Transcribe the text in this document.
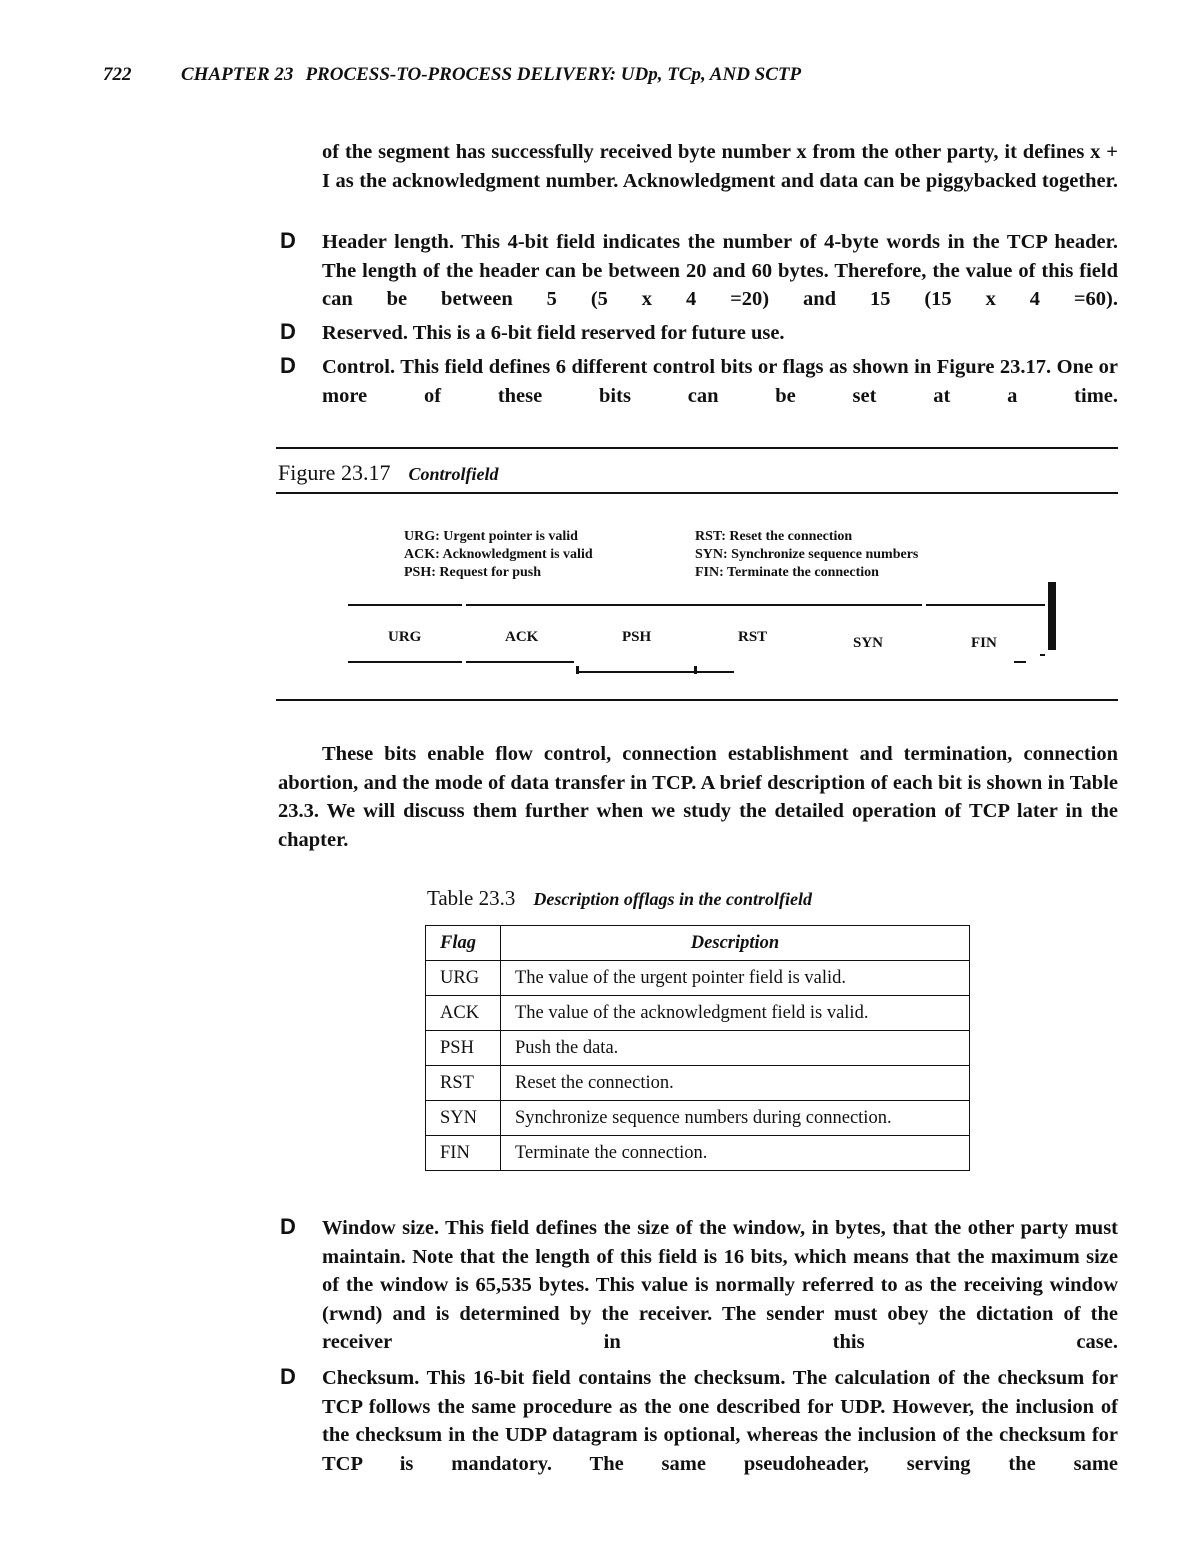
722	CHAPTER 23 PROCESS-TO-PROCESS DELIVERY: UDp, TCp, AND SCTP
of the segment has successfully received byte number x from the other party, it defines x + I as the acknowledgment number. Acknowledgment and data can be piggybacked together.
D Header length. This 4-bit field indicates the number of 4-byte words in the TCP header. The length of the header can be between 20 and 60 bytes. Therefore, the value of this field can be between 5 (5 x 4 =20) and 15 (15 x 4 =60).
D Reserved. This is a 6-bit field reserved for future use.
D Control. This field defines 6 different control bits or flags as shown in Figure 23.17. One or more of these bits can be set at a time.
Figure 23.17 Controlfield
URG: Urgent pointer is valid
ACK: Acknowledgment is valid
PSH: Request for push
RST: Reset the connection
SYN: Synchronize sequence numbers
FIN: Terminate the connection
URG	ACK	PSH	RST	SYN	FIN
These bits enable flow control, connection establishment and termination, connection abortion, and the mode of data transfer in TCP. A brief description of each bit is shown in Table 23.3. We will discuss them further when we study the detailed operation of TCP later in the chapter.
Table 23.3 Description offlags in the controlfield
Flag	Description
URG	The value of the urgent pointer field is valid.
ACK	The value of the acknowledgment field is valid.
PSH	Push the data.
RST	Reset the connection.
SYN	Synchronize sequence numbers during connection.
FIN	Terminate the connection.
D Window size. This field defines the size of the window, in bytes, that the other party must maintain. Note that the length of this field is 16 bits, which means that the maximum size of the window is 65,535 bytes. This value is normally referred to as the receiving window (rwnd) and is determined by the receiver. The sender must obey the dictation of the receiver in this case.
D Checksum. This 16-bit field contains the checksum. The calculation of the checksum for TCP follows the same procedure as the one described for UDP. However, the inclusion of the checksum in the UDP datagram is optional, whereas the inclusion of the checksum for TCP is mandatory. The same pseudoheader, serving the same
